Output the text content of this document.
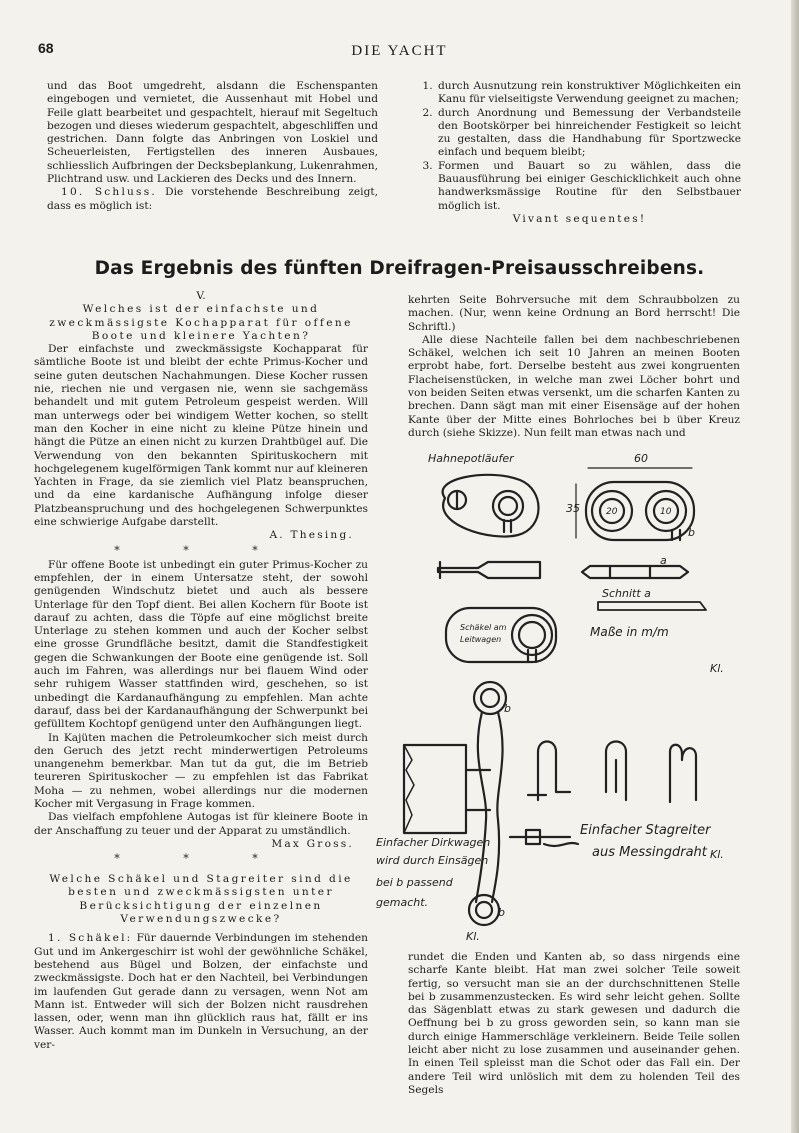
68	DIE YACHT

und das Boot umgedreht, alsdann die Eschenspanten eingebogen und vernietet, die Aussenhaut mit Hobel und Feile glatt bearbeitet und gespachtelt, hierauf mit Segeltuch bezogen und dieses wiederum gespachtelt, abgeschliffen und gestrichen. Dann folgte das Anbringen von Loskiel und Scheuerleisten, Fertigstellen des inneren Ausbaues, schliesslich Aufbringen der Decksbeplankung, Lukenrahmen, Plichtrand usw. und Lackieren des Decks und des Innern.

10. Schluss. Die vorstehende Beschreibung zeigt, dass es möglich ist:

1. durch Ausnutzung rein konstruktiver Möglichkeiten ein Kanu für vielseitigste Verwendung geeignet zu machen;
2. durch Anordnung und Bemessung der Verbandsteile den Bootskörper bei hinreichender Festigkeit so leicht zu gestalten, dass die Handhabung für Sportzwecke einfach und bequem bleibt;
3. Formen und Bauart so zu wählen, dass die Bauausführung bei einiger Geschicklichkeit auch ohne handwerksmässige Routine für den Selbstbauer möglich ist.
Vivant sequentes!
Das Ergebnis des fünften Dreifragen-Preisausschreibens.
V.
Welches ist der einfachste und zweckmässigste Kochapparat für offene Boote und kleinere Yachten?

Der einfachste und zweckmässigste Kochapparat für sämtliche Boote ist und bleibt der echte Primus-Kocher und seine guten deutschen Nachahmungen. Diese Kocher russen nie, riechen nie und vergasen nie, wenn sie sachgemäss behandelt und mit gutem Petroleum gespeist werden. Will man unterwegs oder bei windigem Wetter kochen, so stellt man den Kocher in eine nicht zu kleine Pütze hinein und hängt die Pütze an einen nicht zu kurzen Drahtbügel auf. Die Verwendung von den bekannten Spirituskochern mit hochgelegenem kugelförmigen Tank kommt nur auf kleineren Yachten in Frage, da sie ziemlich viel Platz beanspruchen, und da eine kardanische Aufhängung infolge dieser Platzbeanspruchung und des hochgelegenen Schwerpunktes eine schwierige Aufgabe darstellt.

A. Thesing.

* * *

Für offene Boote ist unbedingt ein guter Primus-Kocher zu empfehlen, der in einem Untersatze steht, der sowohl genügenden Windschutz bietet und auch als bessere Unterlage für den Topf dient. Bei allen Kochern für Boote ist darauf zu achten, dass die Töpfe auf eine möglichst breite Unterlage zu stehen kommen und auch der Kocher selbst eine grosse Grundfläche besitzt, damit die Standfestigkeit gegen die Schwankungen der Boote eine genügende ist. Soll auch im Fahren, was allerdings nur bei flauem Wind oder sehr ruhigem Wasser stattfinden wird, geschehen, so ist unbedingt die Kardanaufhängung zu empfehlen. Man achte darauf, dass bei der Kardanaufhängung der Schwerpunkt bei gefülltem Kochtopf genügend unter den Aufhängungen liegt.

In Kajüten machen die Petroleumkocher sich meist durch den Geruch des jetzt recht minderwertigen Petroleums unangenehm bemerkbar. Man tut da gut, die im Betrieb teureren Spirituskocher — zu empfehlen ist das Fabrikat Moha — zu nehmen, wobei allerdings nur die modernen Kocher mit Vergasung in Frage kommen.

Das vielfach empfohlene Autogas ist für kleinere Boote in der Anschaffung zu teuer und der Apparat zu umständlich.

Max Gross.

* * *
Welche Schäkel und Stagreiter sind die besten und zweckmässigsten unter Berücksichtigung der einzelnen Verwendungszwecke?

1. Schäkel: Für dauernde Verbindungen im stehenden Gut und im Ankergeschirr ist wohl der gewöhnliche Schäkel, bestehend aus Bügel und Bolzen, der einfachste und zweckmässigste. Doch hat er den Nachteil, bei Verbindungen im laufenden Gut gerade dann zu versagen, wenn Not am Mann ist. Entweder will sich der Bolzen nicht rausdrehen lassen, oder, wenn man ihn glücklich raus hat, fällt er ins Wasser. Auch kommt man im Dunkeln in Versuchung, an der ver-

kehrten Seite Bohrversuche mit dem Schraubbolzen zu machen. (Nur, wenn keine Ordnung an Bord herrscht! Die Schriftl.)

Alle diese Nachteile fallen bei dem nachbeschriebenen Schäkel, welchen ich seit 10 Jahren an meinen Booten erprobt habe, fort. Derselbe besteht aus zwei kongruenten Flacheisenstücken, in welche man zwei Löcher bohrt und von beiden Seiten etwas versenkt, um die scharfen Kanten zu brechen. Dann sägt man mit einer Eisensäge auf der hohen Kante über der Mitte eines Bohrloches bei b über Kreuz durch (siehe Skizze). Nun feilt man etwas nach und

Hahnepotläufer	60
35	20	10
a
b
Schnitt a
Maße in m/m
Schäkel am
Leitwagen
Kl.
b
Einfacher Dirkwagen
wird durch Einsägen
bei b passend
gemacht.
b
Kl.
Einfacher Stagreiter
aus Messingdraht Kl.

rundet die Enden und Kanten ab, so dass nirgends eine scharfe Kante bleibt. Hat man zwei solcher Teile soweit fertig, so versucht man sie an der durchschnittenen Stelle bei b zusammenzustecken. Es wird sehr leicht gehen. Sollte das Sägenblatt etwas zu stark gewesen und dadurch die Oeffnung bei b zu gross geworden sein, so kann man sie durch einige Hammerschläge verkleinern. Beide Teile sollen leicht aber nicht zu lose zusammen und auseinander gehen. In einen Teil spleisst man die Schot oder das Fall ein. Der andere Teil wird unlöslich mit dem zu holenden Teil des Segels
